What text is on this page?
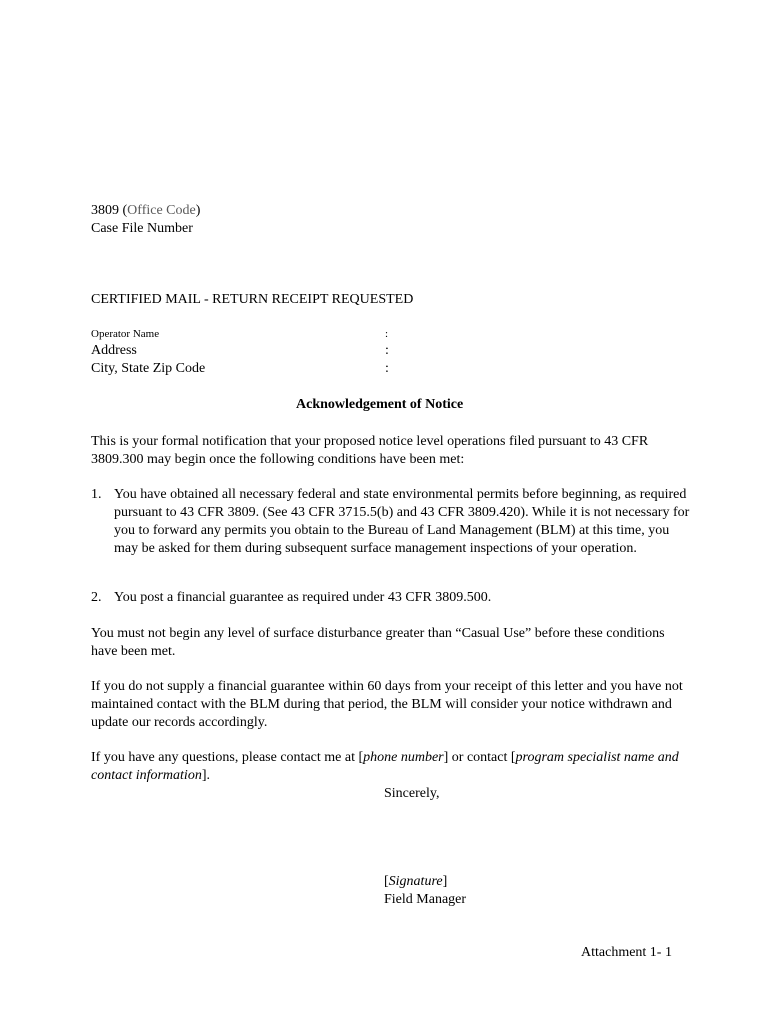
3809 (Office Code)
Case File Number
CERTIFIED MAIL - RETURN RECEIPT REQUESTED
Operator Name	:
Address	:
City, State Zip Code	:
Acknowledgement of Notice
This is your formal notification that your proposed notice level operations filed pursuant to 43 CFR 3809.300 may begin once the following conditions have been met:
1. You have obtained all necessary federal and state environmental permits before beginning, as required pursuant to 43 CFR 3809. (See 43 CFR 3715.5(b) and 43 CFR 3809.420). While it is not necessary for you to forward any permits you obtain to the Bureau of Land Management (BLM) at this time, you may be asked for them during subsequent surface management inspections of your operation.
2. You post a financial guarantee as required under 43 CFR 3809.500.
You must not begin any level of surface disturbance greater than “Casual Use” before these conditions have been met.
If you do not supply a financial guarantee within 60 days from your receipt of this letter and you have not maintained contact with the BLM during that period, the BLM will consider your notice withdrawn and update our records accordingly.
If you have any questions, please contact me at [phone number] or contact [program specialist name and contact information].
Sincerely,
[Signature]
Field Manager
Attachment 1- 1
